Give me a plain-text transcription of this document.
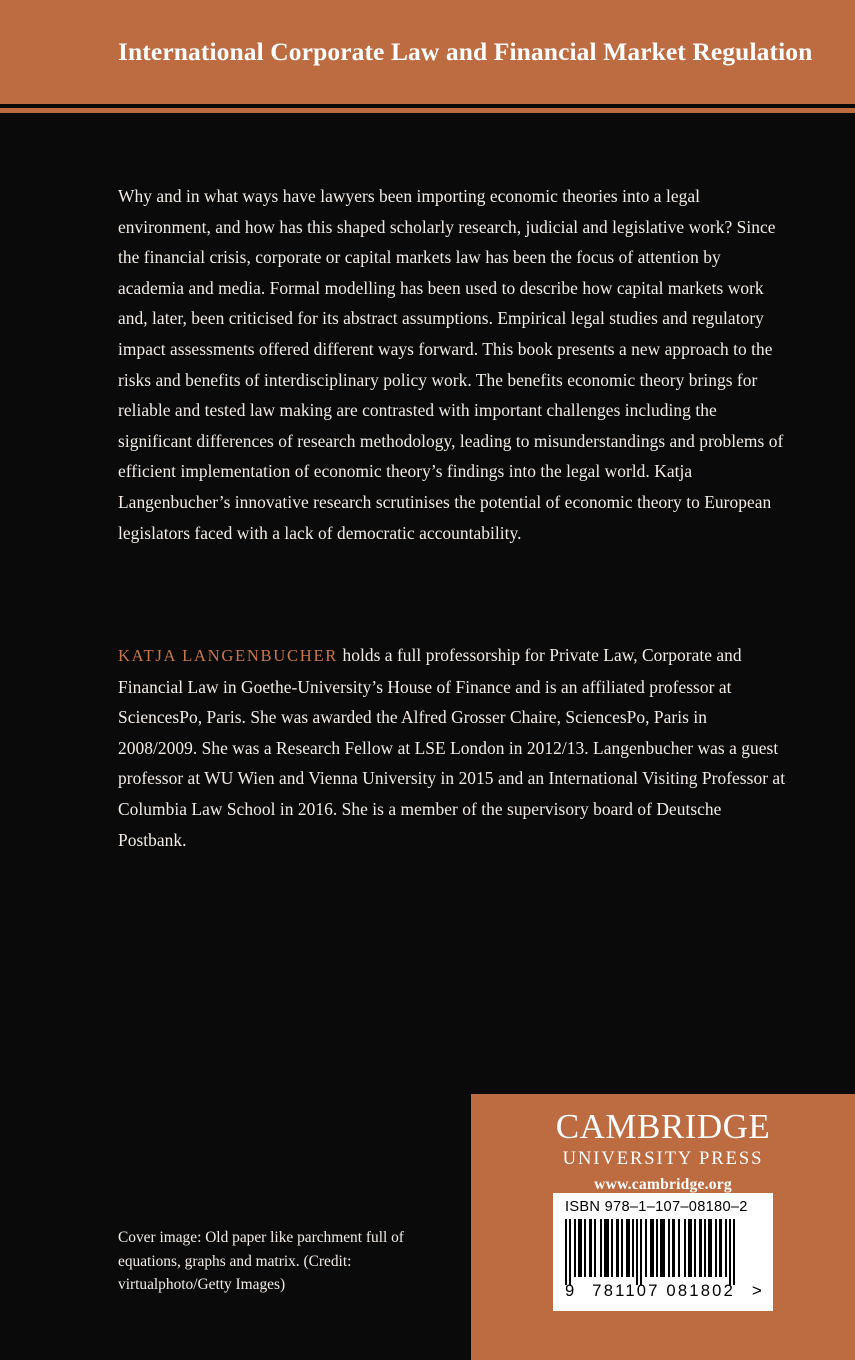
International Corporate Law and Financial Market Regulation
Why and in what ways have lawyers been importing economic theories into a legal environment, and how has this shaped scholarly research, judicial and legislative work? Since the financial crisis, corporate or capital markets law has been the focus of attention by academia and media. Formal modelling has been used to describe how capital markets work and, later, been criticised for its abstract assumptions. Empirical legal studies and regulatory impact assessments offered different ways forward. This book presents a new approach to the risks and benefits of interdisciplinary policy work. The benefits economic theory brings for reliable and tested law making are contrasted with important challenges including the significant differences of research methodology, leading to misunderstandings and problems of efficient implementation of economic theory’s findings into the legal world. Katja Langenbucher’s innovative research scrutinises the potential of economic theory to European legislators faced with a lack of democratic accountability.
KATJA LANGENBUCHER holds a full professorship for Private Law, Corporate and Financial Law in Goethe-University’s House of Finance and is an affiliated professor at SciencesPo, Paris. She was awarded the Alfred Grosser Chaire, SciencesPo, Paris in 2008/2009. She was a Research Fellow at LSE London in 2012/13. Langenbucher was a guest professor at WU Wien and Vienna University in 2015 and an International Visiting Professor at Columbia Law School in 2016. She is a member of the supervisory board of Deutsche Postbank.
Cover image: Old paper like parchment full of equations, graphs and matrix. (Credit: virtualphoto/Getty Images)
CAMBRIDGE
UNIVERSITY PRESS
www.cambridge.org
ISBN 978–1–107–08180–2
9 781107 081802 >
